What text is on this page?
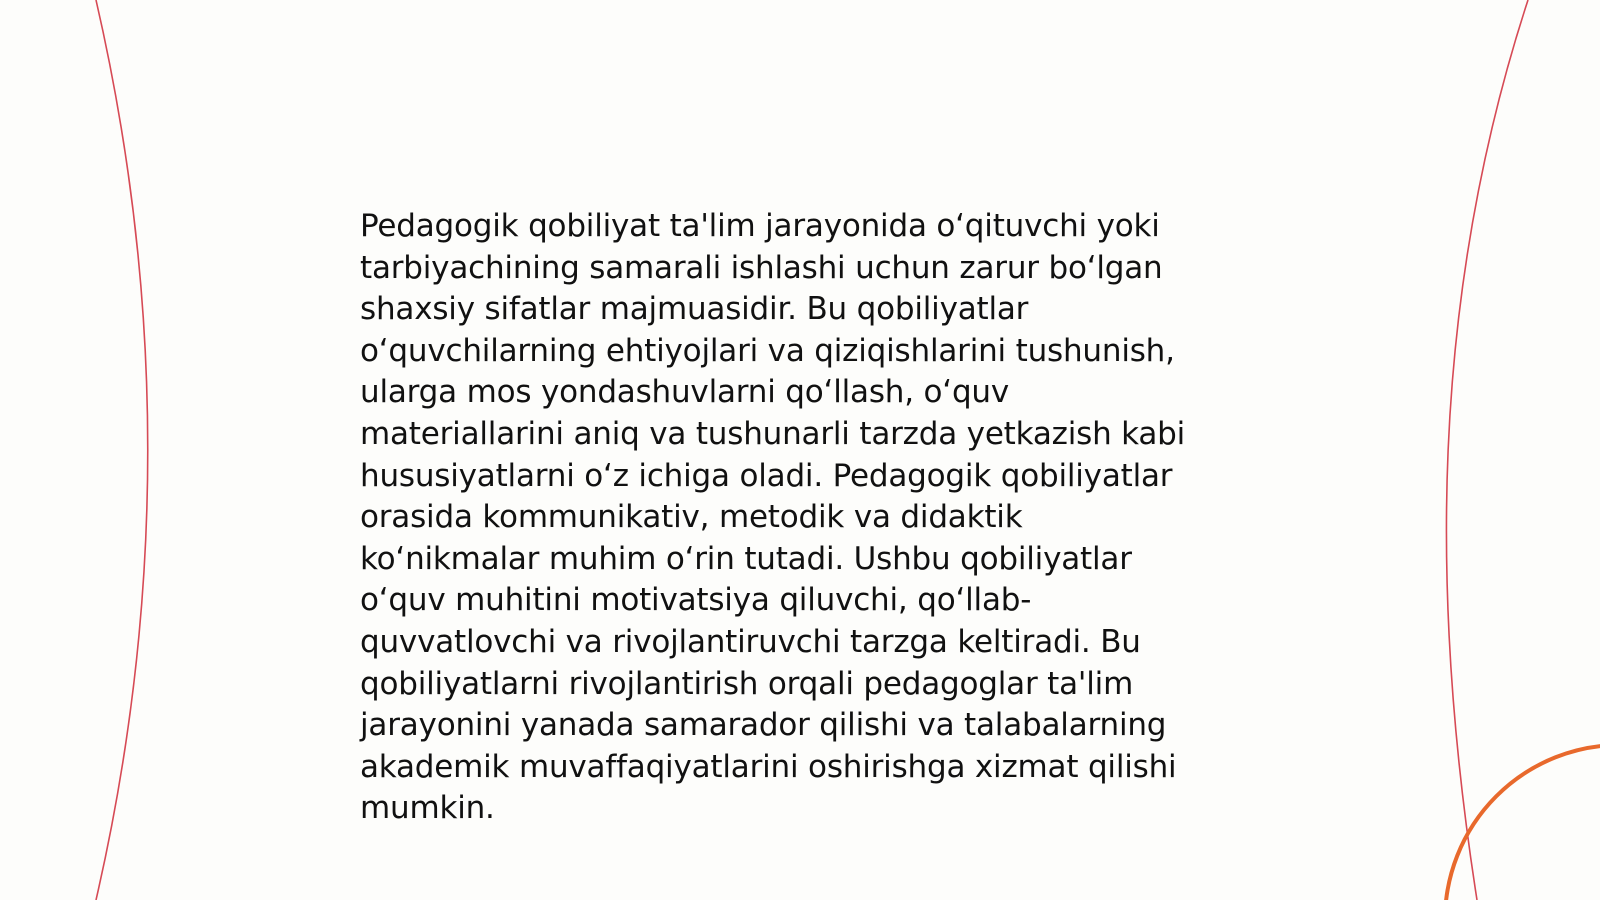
Pedagogik qobiliyat ta'lim jarayonida o‘qituvchi yoki
tarbiyachining samarali ishlashi uchun zarur bo‘lgan
shaxsiy sifatlar majmuasidir. Bu qobiliyatlar
o‘quvchilarning ehtiyojlari va qiziqishlarini tushunish,
ularga mos yondashuvlarni qo‘llash, o‘quv
materiallarini aniq va tushunarli tarzda yetkazish kabi
hususiyatlarni o‘z ichiga oladi. Pedagogik qobiliyatlar
orasida kommunikativ, metodik va didaktik
ko‘nikmalar muhim o‘rin tutadi. Ushbu qobiliyatlar
o‘quv muhitini motivatsiya qiluvchi, qo‘llab-
quvvatlovchi va rivojlantiruvchi tarzga keltiradi. Bu
qobiliyatlarni rivojlantirish orqali pedagoglar ta'lim
jarayonini yanada samarador qilishi va talabalarning
akademik muvaffaqiyatlarini oshirishga xizmat qilishi
mumkin.
